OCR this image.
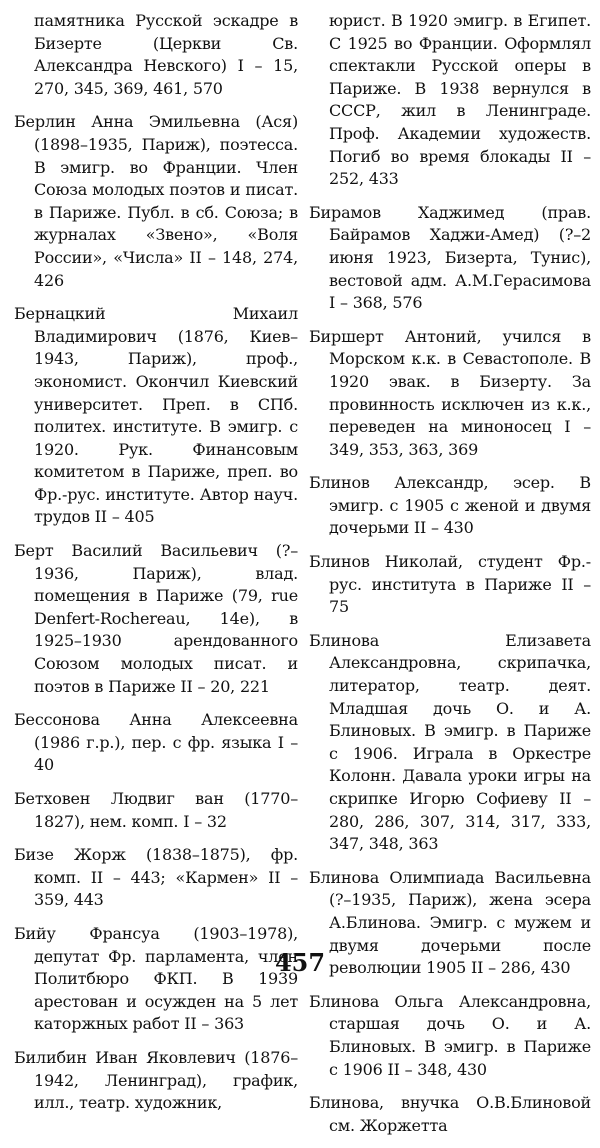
памятника Русской эскадре в Бизерте (Церкви Св. Александра Невского) I – 15, 270, 345, 369, 461, 570

Берлин Анна Эмильевна (Ася) (1898–1935, Париж), поэтесса. В эмигр. во Франции. Член Союза молодых поэтов и писат. в Париже. Публ. в сб. Союза; в журналах «Звено», «Воля России», «Числа» II – 148, 274, 426

Бернацкий Михаил Владимирович (1876, Киев–1943, Париж), проф., экономист. Окончил Киевский университет. Преп. в СПб. политех. институте. В эмигр. с 1920. Рук. Финансовым комитетом в Париже, преп. во Фр.-рус. институте. Автор науч. трудов II – 405

Берт Василий Васильевич (?–1936, Париж), влад. помещения в Париже (79, rue Denfert-Rochereau, 14e), в 1925–1930 арендованного Союзом молодых писат. и поэтов в Париже II – 20, 221

Бессонова Анна Алексеевна (1986 г.р.), пер. с фр. языка I – 40

Бетховен Людвиг ван (1770–1827), нем. комп. I – 32

Бизе Жорж (1838–1875), фр. комп. II – 443; «Кармен» II – 359, 443

Бийу Франсуа (1903–1978), депутат Фр. парламента, член Политбюро ФКП. В 1939 арестован и осужден на 5 лет каторжных работ II – 363

Билибин Иван Яковлевич (1876–1942, Ленинград), график, илл., театр. художник,

юрист. В 1920 эмигр. в Египет. С 1925 во Франции. Оформлял спектакли Русской оперы в Париже. В 1938 вернулся в СССР, жил в Ленинграде. Проф. Академии художеств. Погиб во время блокады II – 252, 433

Бирамов Хаджимед (прав. Байрамов Хаджи-Амед) (?–2 июня 1923, Бизерта, Тунис), вестовой адм. А.М.Герасимова I – 368, 576

Биршерт Антоний, учился в Морском к.к. в Севастополе. В 1920 эвак. в Бизерту. За провинность исключен из к.к., переведен на миноносец I – 349, 353, 363, 369

Блинов Александр, эсер. В эмигр. с 1905 с женой и двумя дочерьми II – 430

Блинов Николай, студент Фр.-рус. института в Париже II – 75

Блинова Елизавета Александровна, скрипачка, литератор, театр. деят. Младшая дочь О. и А. Блиновых. В эмигр. в Париже с 1906. Играла в Оркестре Колонн. Давала уроки игры на скрипке Игорю Софиеву II – 280, 286, 307, 314, 317, 333, 347, 348, 363

Блинова Олимпиада Васильевна (?–1935, Париж), жена эсера А.Блинова. Эмигр. с мужем и двумя дочерьми после революции 1905 II – 286, 430

Блинова Ольга Александровна, старшая дочь О. и А. Блиновых. В эмигр. в Париже с 1906 II – 348, 430

Блинова, внучка О.В.Блиновой см. Жоржетта

457
